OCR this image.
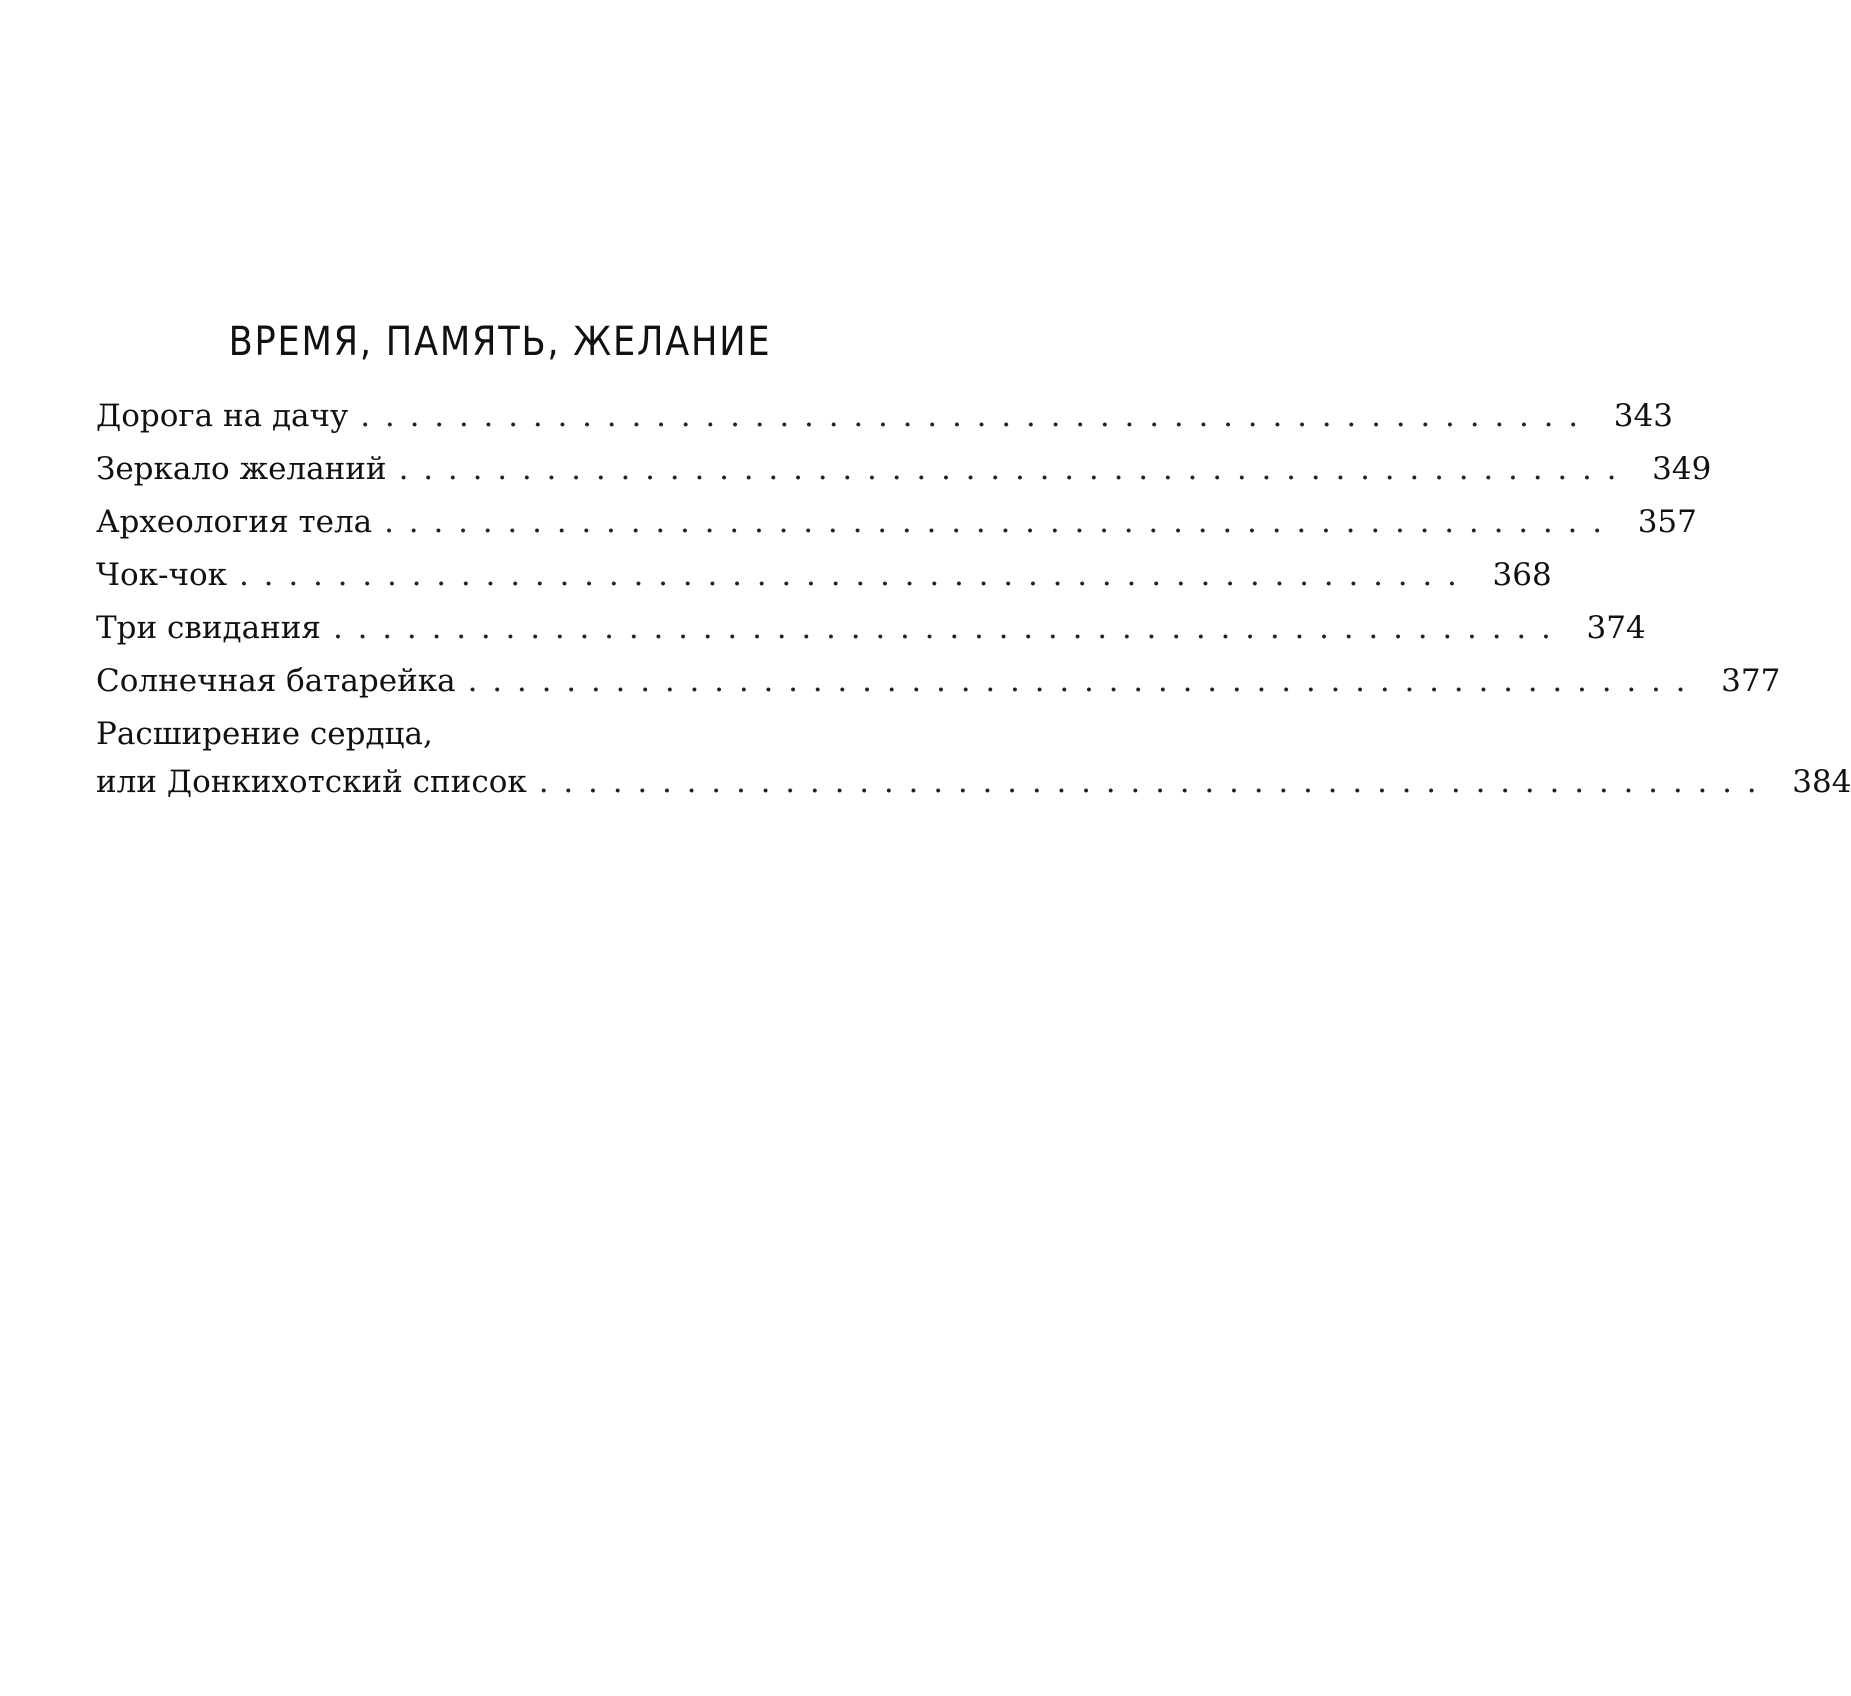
ВРЕМЯ, ПАМЯТЬ, ЖЕЛАНИЕ
Дорога на дачу .................................................. 343
Зеркало желаний .................................................. 349
Археология тела .................................................. 357
Чок-чок .................................................. 368
Три свидания .................................................. 374
Солнечная батарейка .................................................. 377
Расширение сердца,
или Донкихотский список .................................................. 384
